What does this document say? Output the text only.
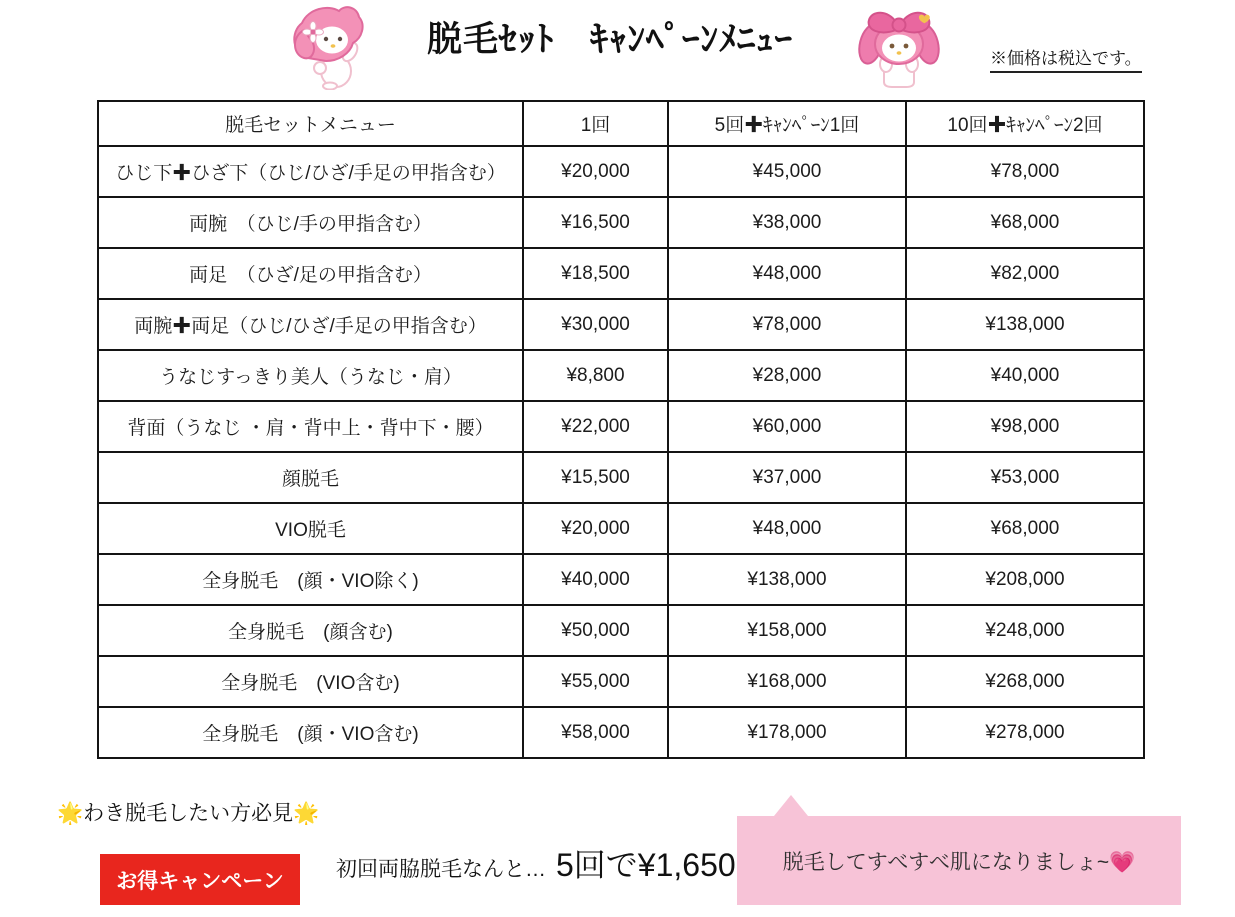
脱毛ｾｯﾄ　ｷｬﾝﾍﾟｰﾝﾒﾆｭｰ	※価格は税込です。
脱毛セットメニュー	1回	5回✚ｷｬﾝﾍﾟｰﾝ1回	10回✚ｷｬﾝﾍﾟｰﾝ2回
ひじ下✚ひざ下（ひじ/ひざ/手足の甲指含む）	¥20,000	¥45,000	¥78,000
両腕　（ひじ/手の甲指含む）	¥16,500	¥38,000	¥68,000
両足　（ひざ/足の甲指含む）	¥18,500	¥48,000	¥82,000
両腕✚両足（ひじ/ひざ/手足の甲指含む）	¥30,000	¥78,000	¥138,000
うなじすっきり美人（うなじ・肩）	¥8,800	¥28,000	¥40,000
背面（うなじ ・肩・背中上・背中下・腰）	¥22,000	¥60,000	¥98,000
顔脱毛	¥15,500	¥37,000	¥53,000
VIO脱毛	¥20,000	¥48,000	¥68,000
全身脱毛　(顔・VIO除く)	¥40,000	¥138,000	¥208,000
全身脱毛　(顔含む)	¥50,000	¥158,000	¥248,000
全身脱毛　(VIO含む)	¥55,000	¥168,000	¥268,000
全身脱毛　(顔・VIO含む)	¥58,000	¥178,000	¥278,000
🌟わき脱毛したい方必見🌟
お得キャンペーン	初回両脇脱毛なんと… 5回で¥1,650 脱毛してすべすべ肌になりましょ~💗
